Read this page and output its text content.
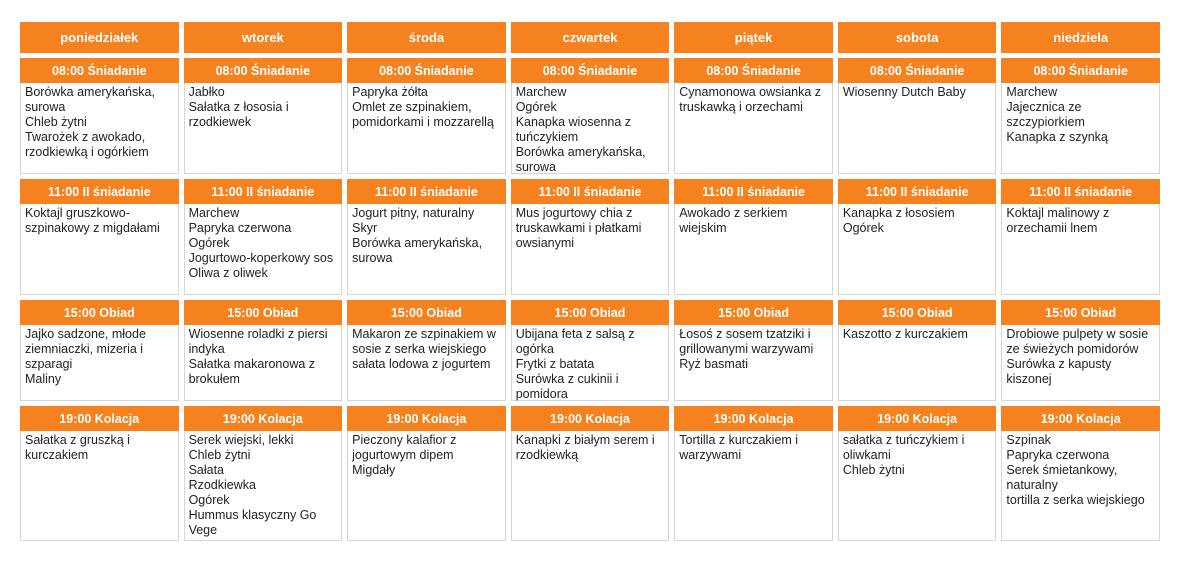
poniedziałek
08:00 Śniadanie
Borówka amerykańska, surowa
Chleb żytni
Twarożek z awokado, rzodkiewką i ogórkiem
11:00 II śniadanie
Koktajl gruszkowo-szpinakowy z migdałami
15:00 Obiad
Jajko sadzone, młode ziemniaczki, mizeria i szparagi
Maliny
19:00 Kolacja
Sałatka z gruszką i kurczakiem
wtorek
08:00 Śniadanie
Jabłko
Sałatka z łososia i rzodkiewek
11:00 II śniadanie
Marchew
Papryka czerwona
Ogórek
Jogurtowo-koperkowy sos
Oliwa z oliwek
15:00 Obiad
Wiosenne roladki z piersi indyka
Sałatka makaronowa z brokułem
19:00 Kolacja
Serek wiejski, lekki
Chleb żytni
Sałata
Rzodkiewka
Ogórek
Hummus klasyczny Go Vege
środa
08:00 Śniadanie
Papryka żółta
Omlet ze szpinakiem, pomidorkami i mozzarellą
11:00 II śniadanie
Jogurt pitny, naturalny
Skyr
Borówka amerykańska, surowa
15:00 Obiad
Makaron ze szpinakiem w sosie z serka wiejskiego sałata lodowa z jogurtem
19:00 Kolacja
Pieczony kalafior z jogurtowym dipem
Migdały
czwartek
08:00 Śniadanie
Marchew
Ogórek
Kanapka wiosenna z tuńczykiem
Borówka amerykańska, surowa
11:00 II śniadanie
Mus jogurtowy chia z truskawkami i płatkami owsianymi
15:00 Obiad
Ubijana feta z salsą z ogórka
Frytki z batata
Surówka z cukinii i pomidora
19:00 Kolacja
Kanapki z białym serem i rzodkiewką
piątek
08:00 Śniadanie
Cynamonowa owsianka z truskawką i orzechami
11:00 II śniadanie
Awokado z serkiem wiejskim
15:00 Obiad
Łosoś z sosem tzatziki i grillowanymi warzywami
Ryż basmati
19:00 Kolacja
Tortilla z kurczakiem i warzywami
sobota
08:00 Śniadanie
Wiosenny Dutch Baby
11:00 II śniadanie
Kanapka z łososiem
Ogórek
15:00 Obiad
Kaszotto z kurczakiem
19:00 Kolacja
sałatka z tuńczykiem i oliwkami
Chleb żytni
niedziela
08:00 Śniadanie
Marchew
Jajecznica ze szczypiorkiem
Kanapka z szynką
11:00 II śniadanie
Koktajl malinowy z orzechamii lnem
15:00 Obiad
Drobiowe pulpety w sosie ze świeżych pomidorów
Surówka z kapusty kiszonej
19:00 Kolacja
Szpinak
Papryka czerwona
Serek śmietankowy, naturalny
tortilla z serka wiejskiego
